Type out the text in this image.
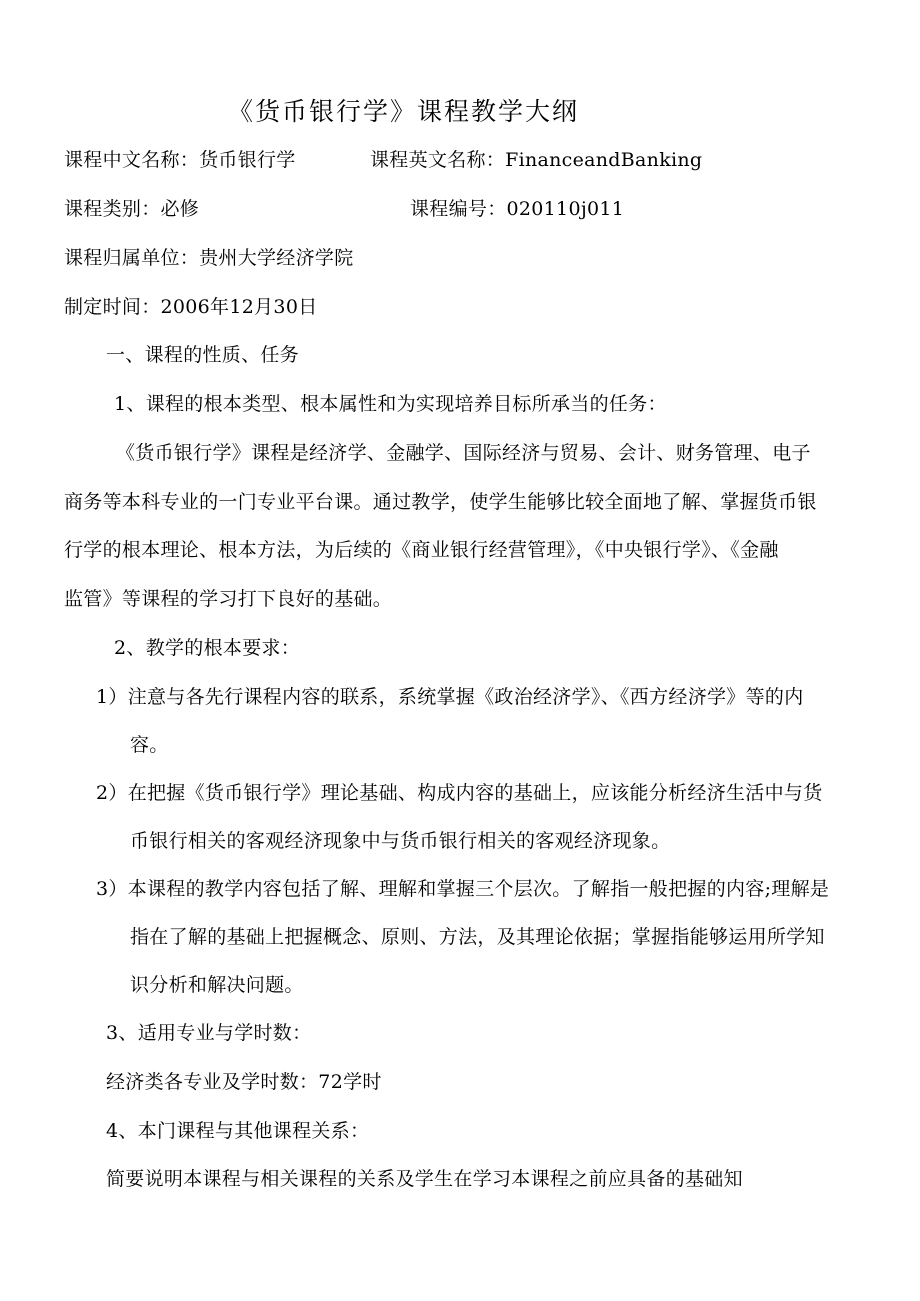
《货币银行学》课程教学大纲
课程中文名称：货币银行学	课程英文名称：FinanceandBanking
课程类别：必修	课程编号：020110j011
课程归属单位：贵州大学经济学院
制定时间：2006年12月30日
一、课程的性质、任务
1、课程的根本类型、根本属性和为实现培养目标所承当的任务：
《货币银行学》课程是经济学、金融学、国际经济与贸易、会计、财务管理、电子
商务等本科专业的一门专业平台课。通过教学，使学生能够比较全面地了解、掌握货币银
行学的根本理论、根本方法，为后续的《商业银行经营管理》，《中央银行学》、《金融
监管》等课程的学习打下良好的基础。
2、教学的根本要求：
1）注意与各先行课程内容的联系，系统掌握《政治经济学》、《西方经济学》等的内
容。
2）在把握《货币银行学》理论基础、构成内容的基础上，应该能分析经济生活中与货
币银行相关的客观经济现象中与货币银行相关的客观经济现象。
3）本课程的教学内容包括了解、理解和掌握三个层次。了解指一般把握的内容;理解是
指在了解的基础上把握概念、原则、方法，及其理论依据；掌握指能够运用所学知
识分析和解决问题。
3、适用专业与学时数：
经济类各专业及学时数：72学时
4、本门课程与其他课程关系：
简要说明本课程与相关课程的关系及学生在学习本课程之前应具备的基础知
